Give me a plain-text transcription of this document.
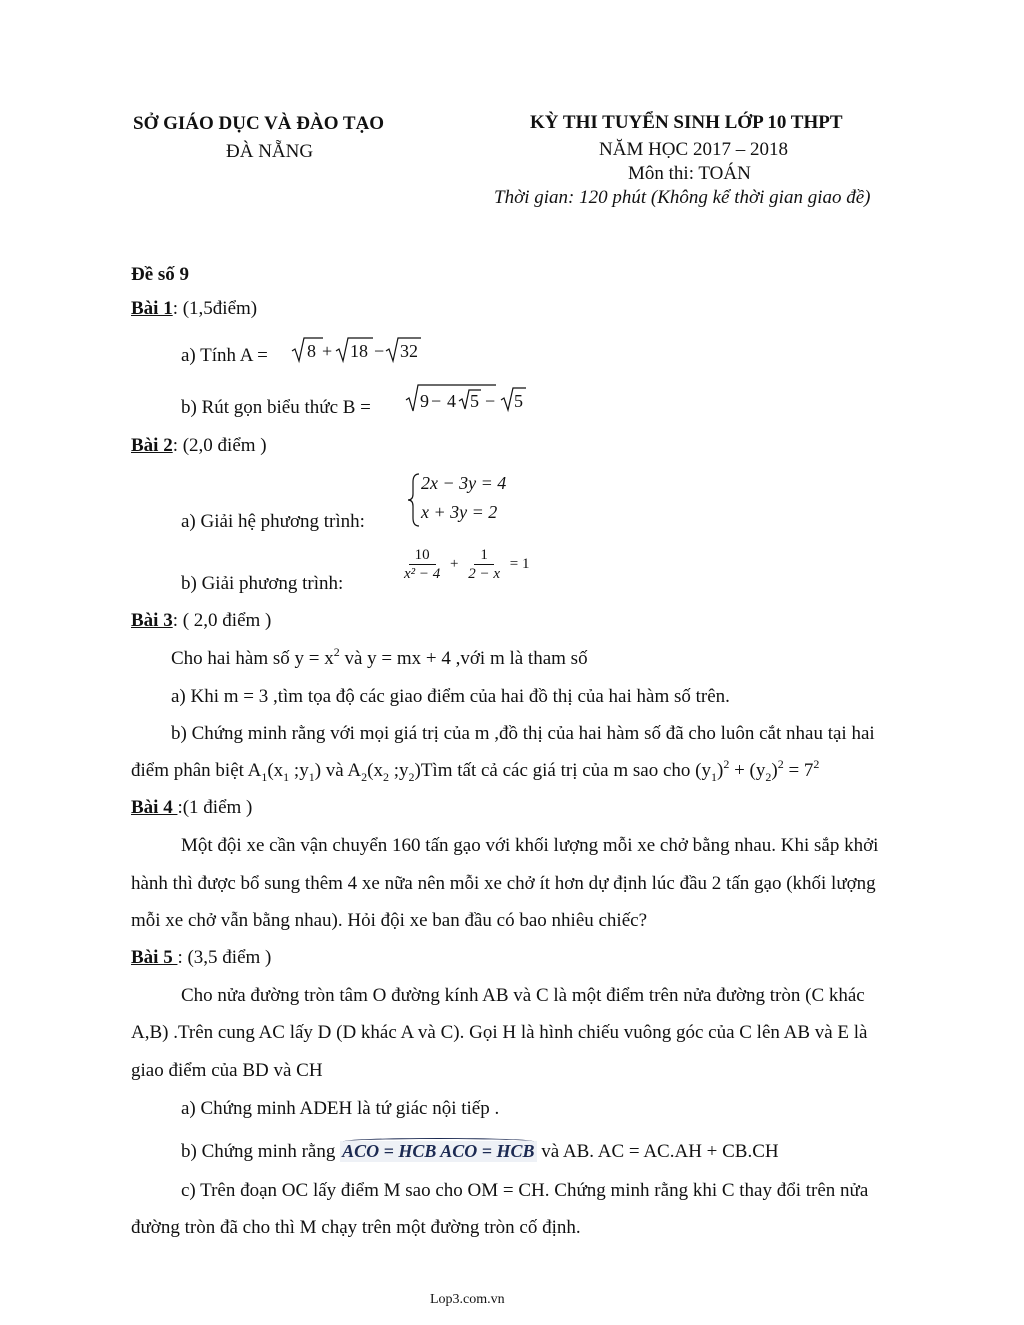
SỞ GIÁO DỤC VÀ ĐÀO TẠO
ĐÀ NẴNG
KỲ THI TUYỂN SINH LỚP 10 THPT
NĂM HỌC 2017 – 2018
Môn thi: TOÁN
Thời gian: 120 phút (Không kể thời gian giao đề)
Đề số 9
Bài 1: (1,5điểm)
a) Tính A = 8 + 18 − 32
b) Rút gọn biểu thức B =	9 − 4 5 − 5
Bài 2: (2,0 điểm )
a) Giải hệ phương trình:
2x − 3y = 4
x + 3y = 2
b) Giải phương trình:
$\frac{10}{\text{x² − 4}} + \frac{1}{2 - x} = 1$
Bài 3: ( 2,0 điểm )
Cho hai hàm số $y = x^2$ và y = mx + 4 ,với m là tham số
a) Khi m = 3 ,tìm tọa độ các giao điểm của hai đồ thị của hai hàm số trên.
b) Chứng minh rằng với mọi giá trị của m ,đồ thị của hai hàm số đã cho luôn cắt nhau tại hai
điểm phân biệt A1(x1 ;y1) và A2(x2 ;y2)Tìm tất cả các giá trị của m sao cho $(y1)^2 + (y2)^2 = 7^2$
Bài 4 :(1 điểm )
Một đội xe cần vận chuyển 160 tấn gạo với khối lượng mỗi xe chở bằng nhau. Khi sắp khởi
hành thì được bổ sung thêm 4 xe nữa nên mỗi xe chở ít hơn dự định lúc đầu 2 tấn gạo (khối lượng
mỗi xe chở vẫn bằng nhau). Hỏi đội xe ban đầu có bao nhiêu chiếc?
Bài 5 : (3,5 điểm )
Cho nửa đường tròn tâm O đường kính AB và C là một điểm trên nửa đường tròn (C khác
A,B) .Trên cung AC lấy D (D khác A và C). Gọi H là hình chiếu vuông góc của C lên AB và E là
giao điểm của BD và CH
a) Chứng minh ADEH là tứ giác nội tiếp .
b) Chứng minh rằng ACO = HCB ACO = HCB và AB. AC = AC.AH + CB.CH
c) Trên đoạn OC lấy điểm M sao cho OM = CH. Chứng minh rằng khi C thay đổi trên nửa
đường tròn đã cho thì M chạy trên một đường tròn cố định.
Lop3.com.vn
